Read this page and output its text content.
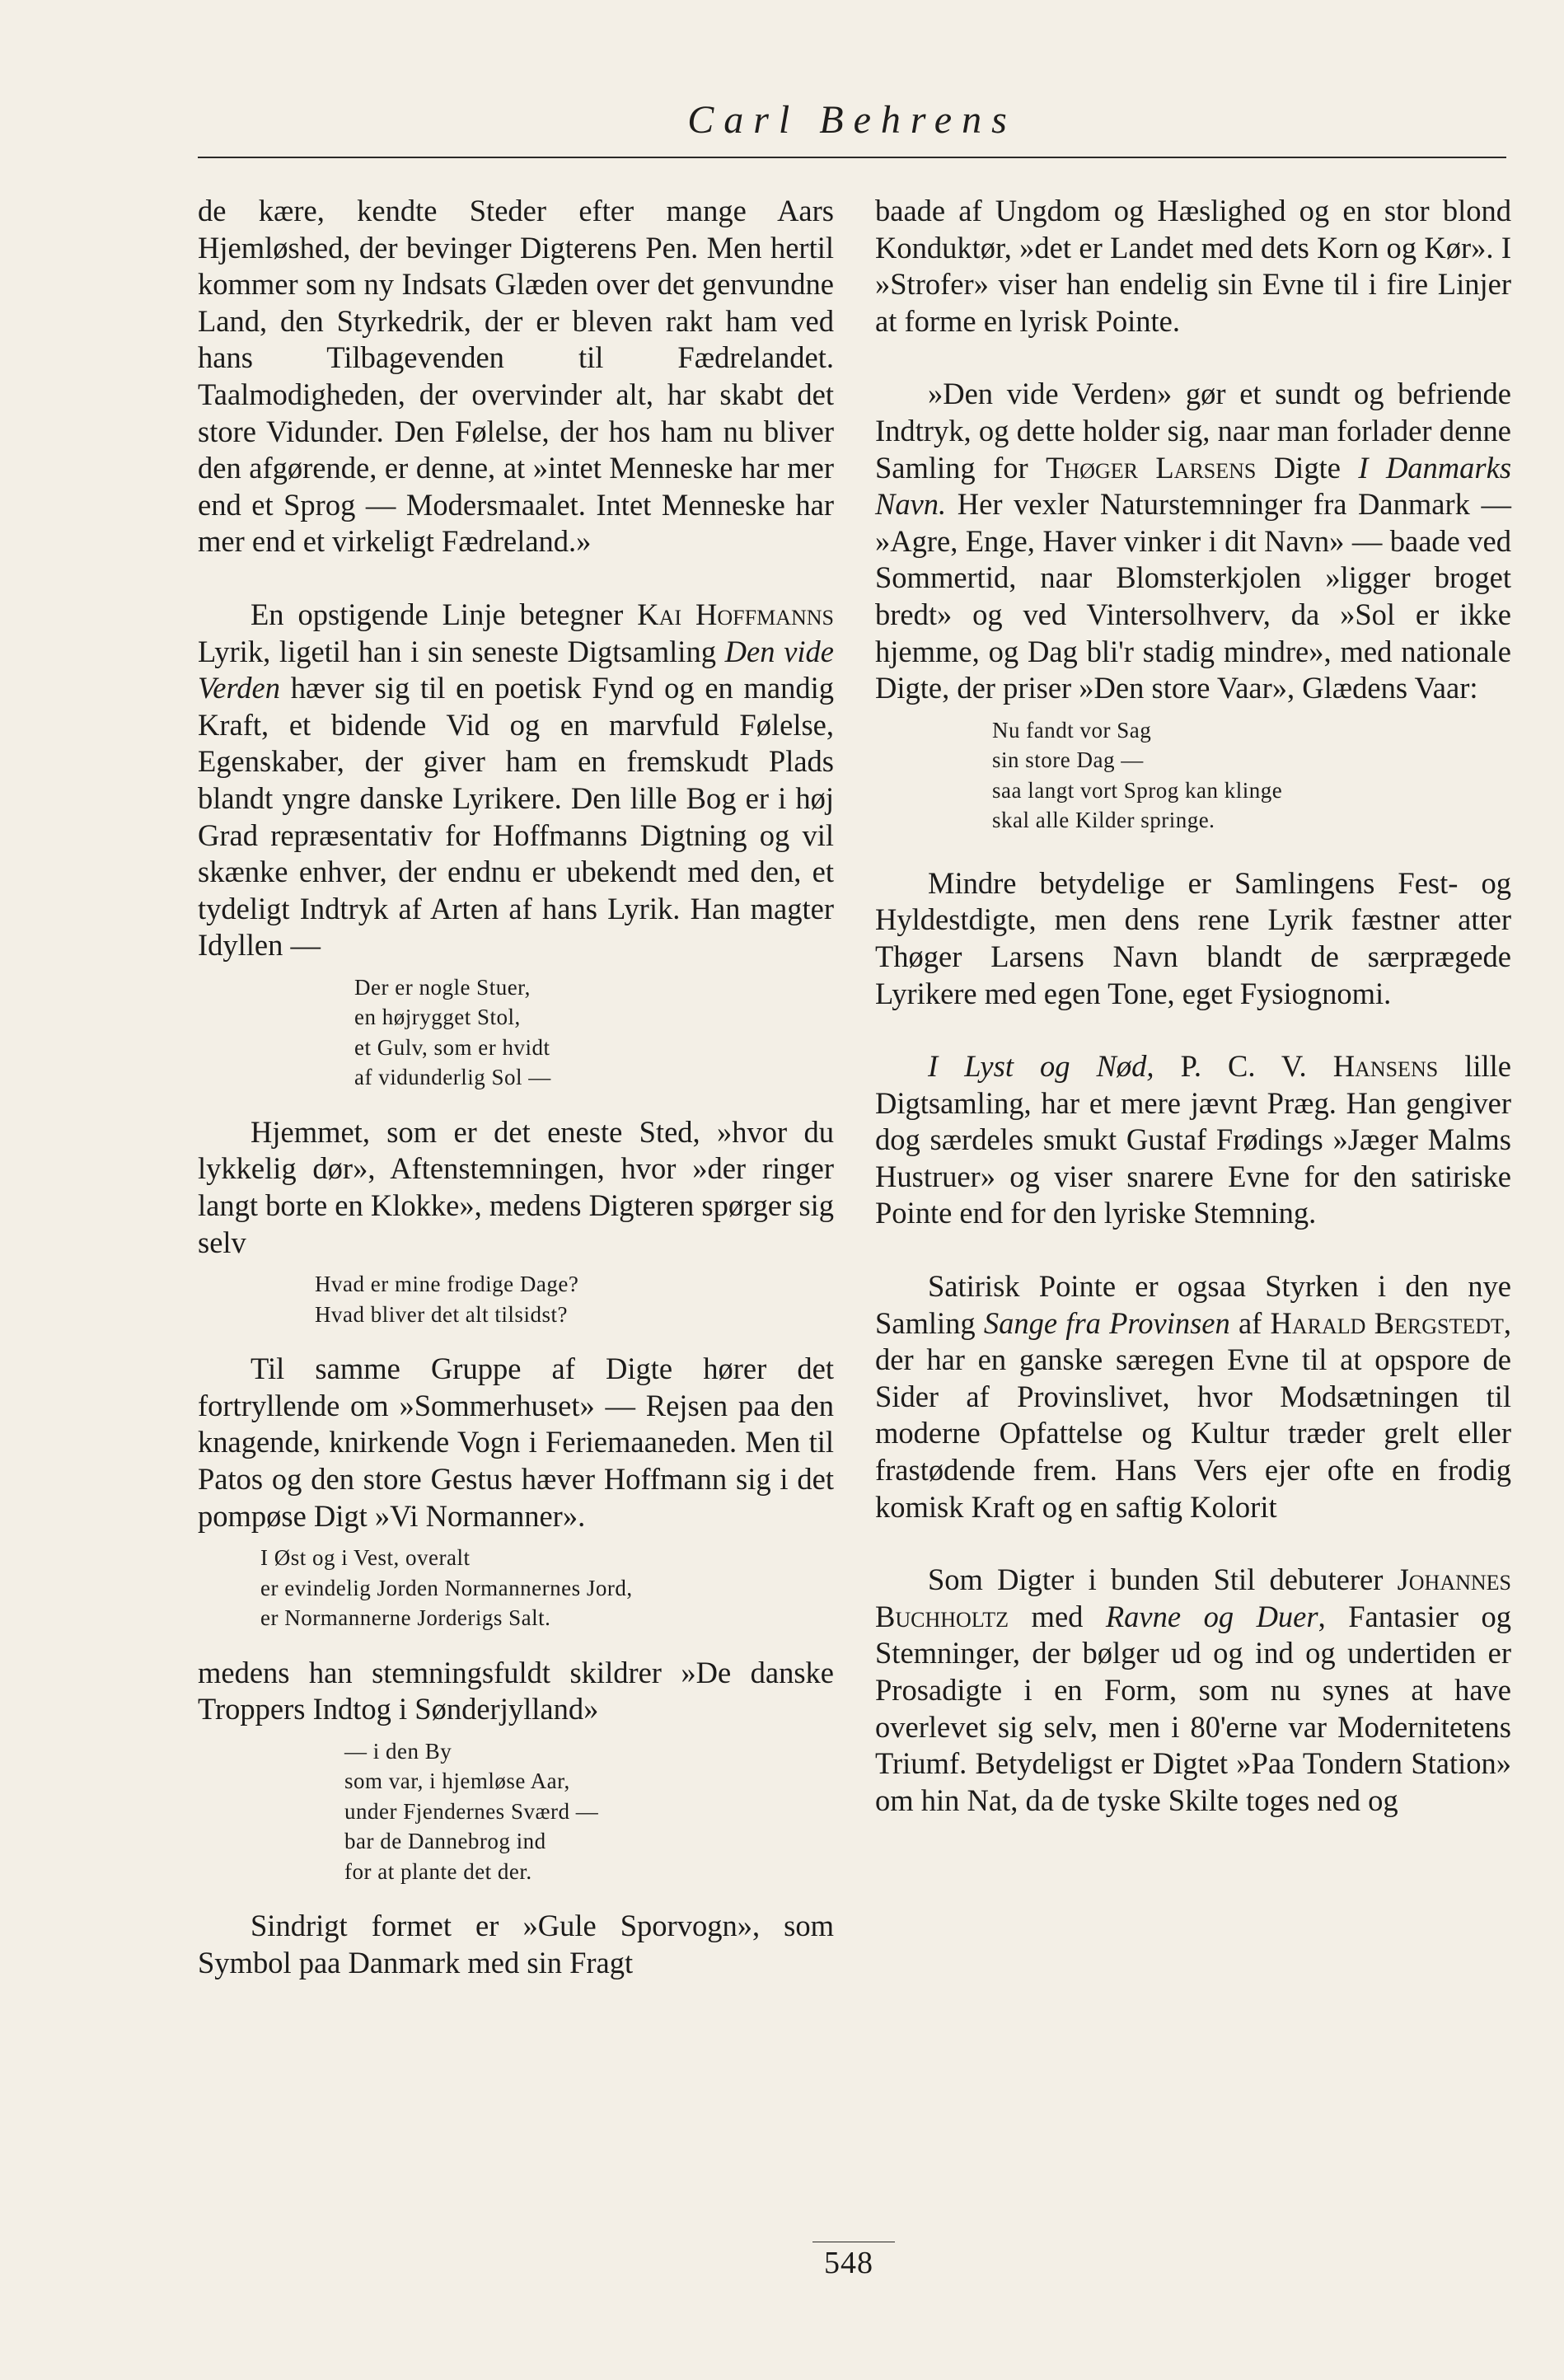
Carl Behrens

de kære, kendte Steder efter mange Aars Hjemløshed, der bevinger Digterens Pen. Men hertil kommer som ny Indsats Glæden over det genvundne Land, den Styrkedrik, der er bleven rakt ham ved hans Tilbagevenden til Fædrelandet. Taalmodigheden, der overvinder alt, har skabt det store Vidunder. Den Følelse, der hos ham nu bliver den afgørende, er denne, at »intet Menneske har mer end et Sprog — Modersmaalet. Intet Menneske har mer end et virkeligt Fædreland.»

En opstigende Linje betegner Kai Hoffmanns Lyrik, ligetil han i sin seneste Digtsamling Den vide Verden hæver sig til en poetisk Fynd og en mandig Kraft, et bidende Vid og en marvfuld Følelse, Egenskaber, der giver ham en fremskudt Plads blandt yngre danske Lyrikere. Den lille Bog er i høj Grad repræsentativ for Hoffmanns Digtning og vil skænke enhver, der endnu er ubekendt med den, et tydeligt Indtryk af Arten af hans Lyrik. Han magter Idyllen —

Der er nogle Stuer,
en højrygget Stol,
et Gulv, som er hvidt
af vidunderlig Sol —

Hjemmet, som er det eneste Sted, »hvor du lykkelig dør», Aftenstemningen, hvor »der ringer langt borte en Klokke», medens Digteren spørger sig selv

Hvad er mine frodige Dage?
Hvad bliver det alt tilsidst?

Til samme Gruppe af Digte hører det fortryllende om »Sommerhuset» — Rejsen paa den knagende, knirkende Vogn i Feriemaaneden. Men til Patos og den store Gestus hæver Hoffmann sig i det pompøse Digt »Vi Normanner».

I Øst og i Vest, overalt
er evindelig Jorden Normannernes Jord,
er Normannerne Jorderigs Salt.

medens han stemningsfuldt skildrer »De danske Troppers Indtog i Sønderjylland»

— i den By
som var, i hjemløse Aar,
under Fjendernes Sværd —
bar de Dannebrog ind
for at plante det der.

Sindrigt formet er »Gule Sporvogn», som Symbol paa Danmark med sin Fragt

baade af Ungdom og Hæslighed og en stor blond Konduktør, »det er Landet med dets Korn og Kør». I »Strofer» viser han endelig sin Evne til i fire Linjer at forme en lyrisk Pointe.

»Den vide Verden» gør et sundt og befriende Indtryk, og dette holder sig, naar man forlader denne Samling for Thøger Larsens Digte I Danmarks Navn. Her vexler Naturstemninger fra Danmark — »Agre, Enge, Haver vinker i dit Navn» — baade ved Sommertid, naar Blomsterkjolen »ligger broget bredt» og ved Vintersolhverv, da »Sol er ikke hjemme, og Dag bli'r stadig mindre», med nationale Digte, der priser »Den store Vaar», Glædens Vaar:

Nu fandt vor Sag
sin store Dag —
saa langt vort Sprog kan klinge
skal alle Kilder springe.

Mindre betydelige er Samlingens Fest- og Hyldestdigte, men dens rene Lyrik fæstner atter Thøger Larsens Navn blandt de særprægede Lyrikere med egen Tone, eget Fysiognomi.

I Lyst og Nød, P. C. V. Hansens lille Digtsamling, har et mere jævnt Præg. Han gengiver dog særdeles smukt Gustaf Frødings »Jæger Malms Hustruer» og viser snarere Evne for den satiriske Pointe end for den lyriske Stemning.

Satirisk Pointe er ogsaa Styrken i den nye Samling Sange fra Provinsen af Harald Bergstedt, der har en ganske særegen Evne til at opspore de Sider af Provinslivet, hvor Modsætningen til moderne Opfattelse og Kultur træder grelt eller frastødende frem. Hans Vers ejer ofte en frodig komisk Kraft og en saftig Kolorit

Som Digter i bunden Stil debuterer Johannes Buchholtz med Ravne og Duer, Fantasier og Stemninger, der bølger ud og ind og undertiden er Prosadigte i en Form, som nu synes at have overlevet sig selv, men i 80'erne var Modernitetens Triumf. Betydeligst er Digtet »Paa Tondern Station» om hin Nat, da de tyske Skilte toges ned og

548
